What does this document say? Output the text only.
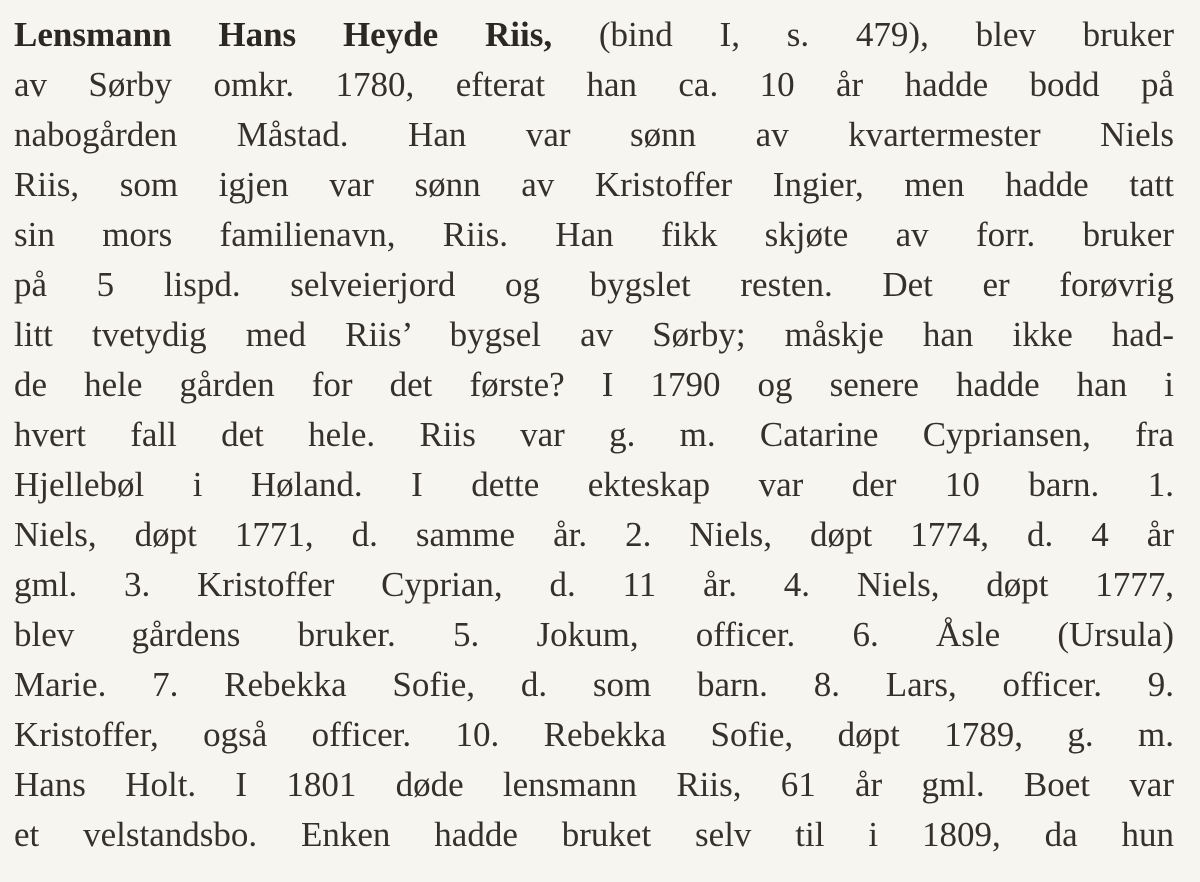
Lensmann Hans Heyde Riis, (bind I, s. 479), blev bruker
av Sørby omkr. 1780, efterat han ca. 10 år hadde bodd på
nabogården Måstad. Han var sønn av kvartermester Niels
Riis, som igjen var sønn av Kristoffer Ingier, men hadde tatt
sin mors familienavn, Riis. Han fikk skjøte av forr. bruker
på 5 lispd. selveierjord og bygslet resten. Det er forøvrig
litt tvetydig med Riis’ bygsel av Sørby; måskje han ikke had-
de hele gården for det første? I 1790 og senere hadde han i
hvert fall det hele. Riis var g. m. Catarine Cypriansen, fra
Hjellebøl i Høland. I dette ekteskap var der 10 barn. 1.
Niels, døpt 1771, d. samme år. 2. Niels, døpt 1774, d. 4 år
gml. 3. Kristoffer Cyprian, d. 11 år. 4. Niels, døpt 1777,
blev gårdens bruker. 5. Jokum, officer. 6. Åsle (Ursula)
Marie. 7. Rebekka Sofie, d. som barn. 8. Lars, officer. 9.
Kristoffer, også officer. 10. Rebekka Sofie, døpt 1789, g. m.
Hans Holt. I 1801 døde lensmann Riis, 61 år gml. Boet var
et velstandsbo. Enken hadde bruket selv til i 1809, da hun
